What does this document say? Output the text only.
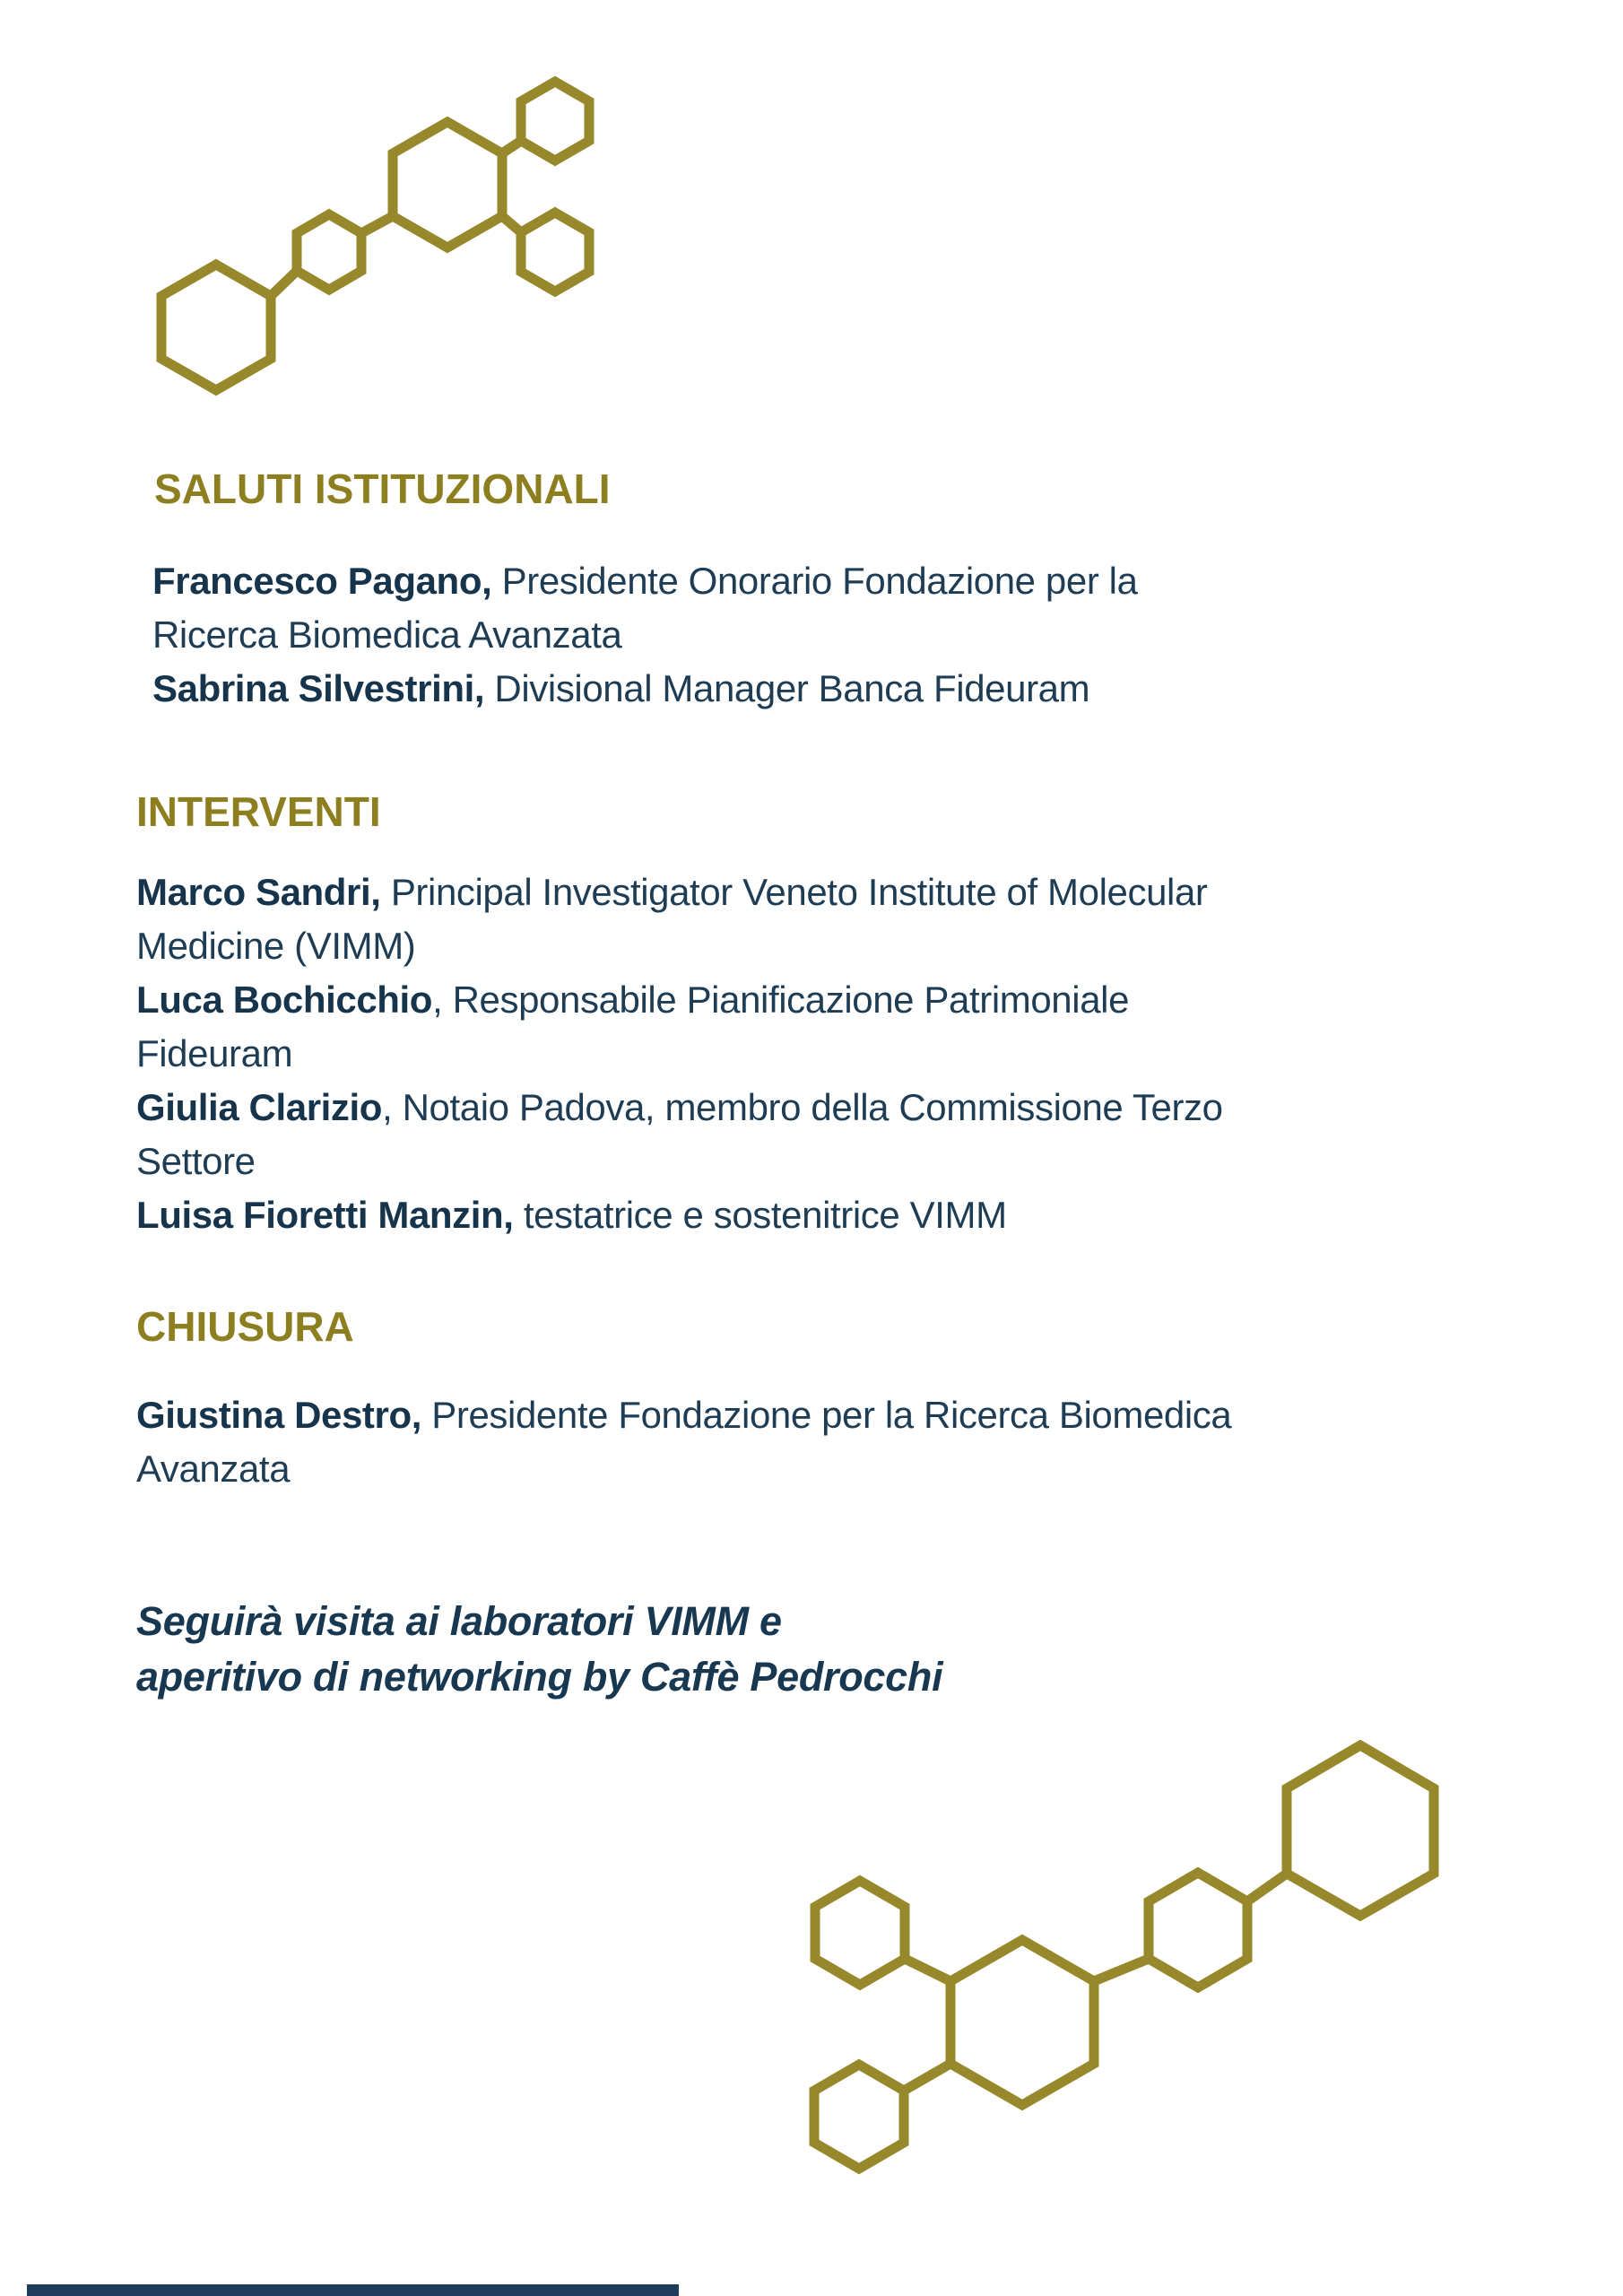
SALUTI ISTITUZIONALI
Francesco Pagano, Presidente Onorario Fondazione per la
Ricerca Biomedica Avanzata
Sabrina Silvestrini, Divisional Manager Banca Fideuram
INTERVENTI
Marco Sandri, Principal Investigator Veneto Institute of Molecular
Medicine (VIMM)
Luca Bochicchio, Responsabile Pianificazione Patrimoniale
Fideuram
Giulia Clarizio, Notaio Padova, membro della Commissione Terzo
Settore
Luisa Fioretti Manzin, testatrice e sostenitrice VIMM
CHIUSURA
Giustina Destro, Presidente Fondazione per la Ricerca Biomedica
Avanzata
Seguirà visita ai laboratori VIMM e
aperitivo di networking by Caffè Pedrocchi
